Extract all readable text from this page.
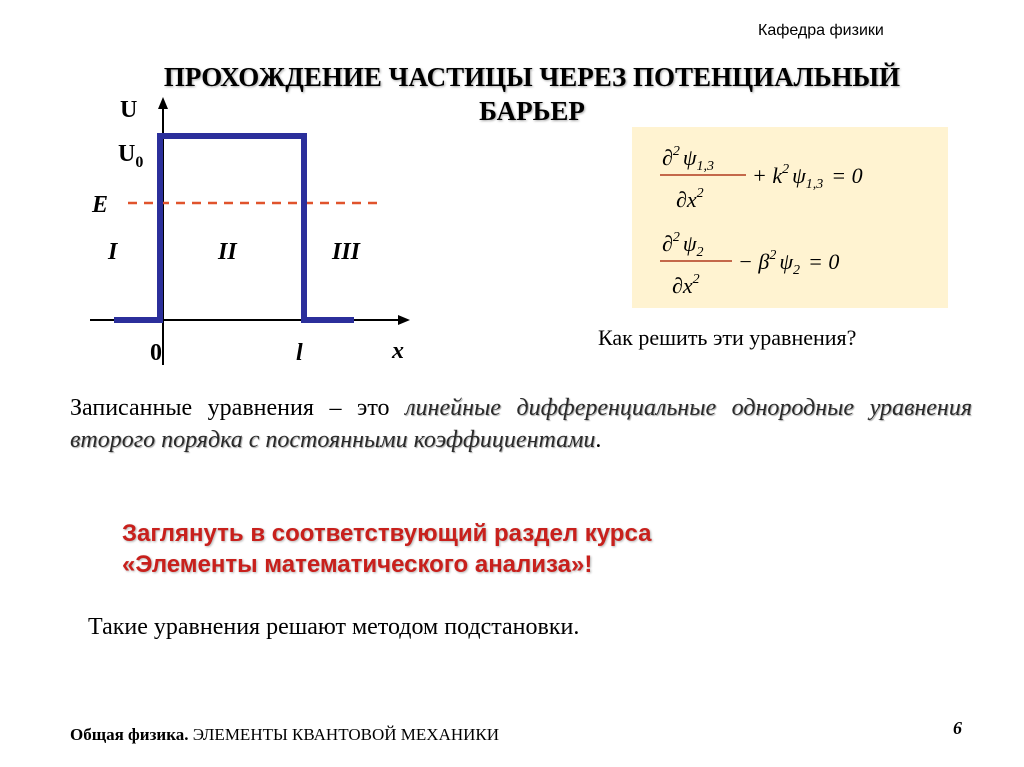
Кафедра физики
ПРОХОЖДЕНИЕ ЧАСТИЦЫ ЧЕРЕЗ ПОТЕНЦИАЛЬНЫЙ
БАРЬЕР
U
$U_0$
E
I	II	III
0	l	x
∂$^2$ $\psi_{1,3}$
$\partial x^2$
+ $k^2$ $\psi_{1,3} = 0$
∂$^2$ $\psi_2$
$\partial x^2$
− $\beta^2$ $\psi_2 = 0$
Как решить эти уравнения?
Записанные уравнения – это линейные дифференциальные однородные уравнения второго порядка с постоянными коэффициентами.
Заглянуть в соответствующий раздел курса
«Элементы математического анализа»!
Такие уравнения решают методом подстановки.
Общая физика. ЭЛЕМЕНТЫ КВАНТОВОЙ МЕХАНИКИ	6
